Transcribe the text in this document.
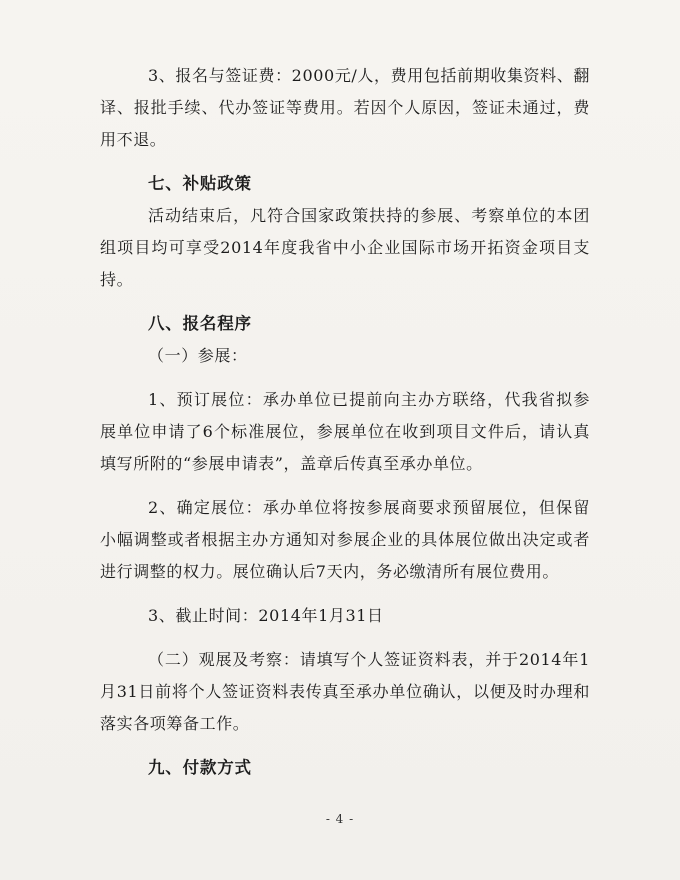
3、报名与签证费：2000元/人，费用包括前期收集资料、翻译、报批手续、代办签证等费用。若因个人原因，签证未通过，费用不退。

七、补贴政策

活动结束后，凡符合国家政策扶持的参展、考察单位的本团组项目均可享受2014年度我省中小企业国际市场开拓资金项目支持。

八、报名程序

（一）参展：

1、预订展位：承办单位已提前向主办方联络，代我省拟参展单位申请了6个标准展位，参展单位在收到项目文件后，请认真填写所附的“参展申请表”，盖章后传真至承办单位。

2、确定展位：承办单位将按参展商要求预留展位，但保留小幅调整或者根据主办方通知对参展企业的具体展位做出决定或者进行调整的权力。展位确认后7天内，务必缴清所有展位费用。

3、截止时间：2014年1月31日

（二）观展及考察：请填写个人签证资料表，并于2014年1月31日前将个人签证资料表传真至承办单位确认，以便及时办理和落实各项筹备工作。

九、付款方式

- 4 -
